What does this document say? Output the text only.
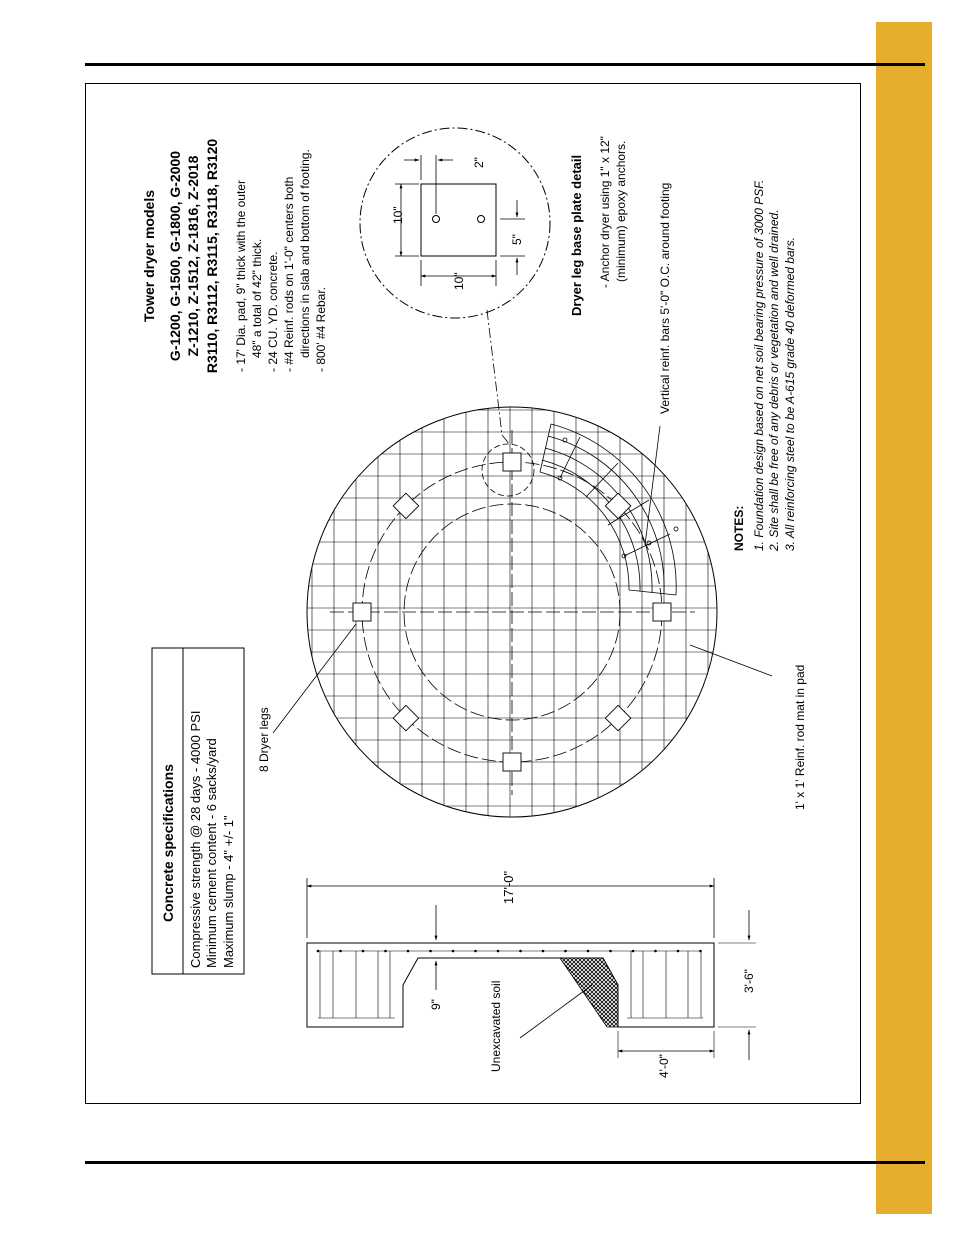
Concrete specifications Compressive strength @ 28 days - 4000 PSI Minimum cement content - 6 sacks/yard Maximum slump - 4" +/- 1"
Tower dryer models G-1200, G-1500, G-1800, G-2000 Z-1210, Z-1512, Z-1816, Z-2018 R3110, R3112, R3115, R3118, R3120 - 17' Dia. pad, 9" thick with the outer 48" a total of 42" thick. - 24 CU. YD. concrete. - #4 Reinf. rods on 1'-0" centers both directions in slab and bottom of footing. - 800' #4 Rebar.
2"
10"
10"
5"	Dryer leg base plate detail - Anchor dryer using 1" x 12" (minimum) epoxy anchors.	Vertical reinf. bars 5'-0" O.C. around footing
8 Dryer legs	1' x 1' Reinf. rod mat in pad
17'-0"
9"
3'-6"
4'-0"
Unexcavated soil
NOTES: 1. Foundation design based on net soil bearing pressure of 3000 PSF. 2. Site shall be free of any debris or vegetation and well drained. 3. All reinforcing steel to be A-615 grade 40 deformed bars.
